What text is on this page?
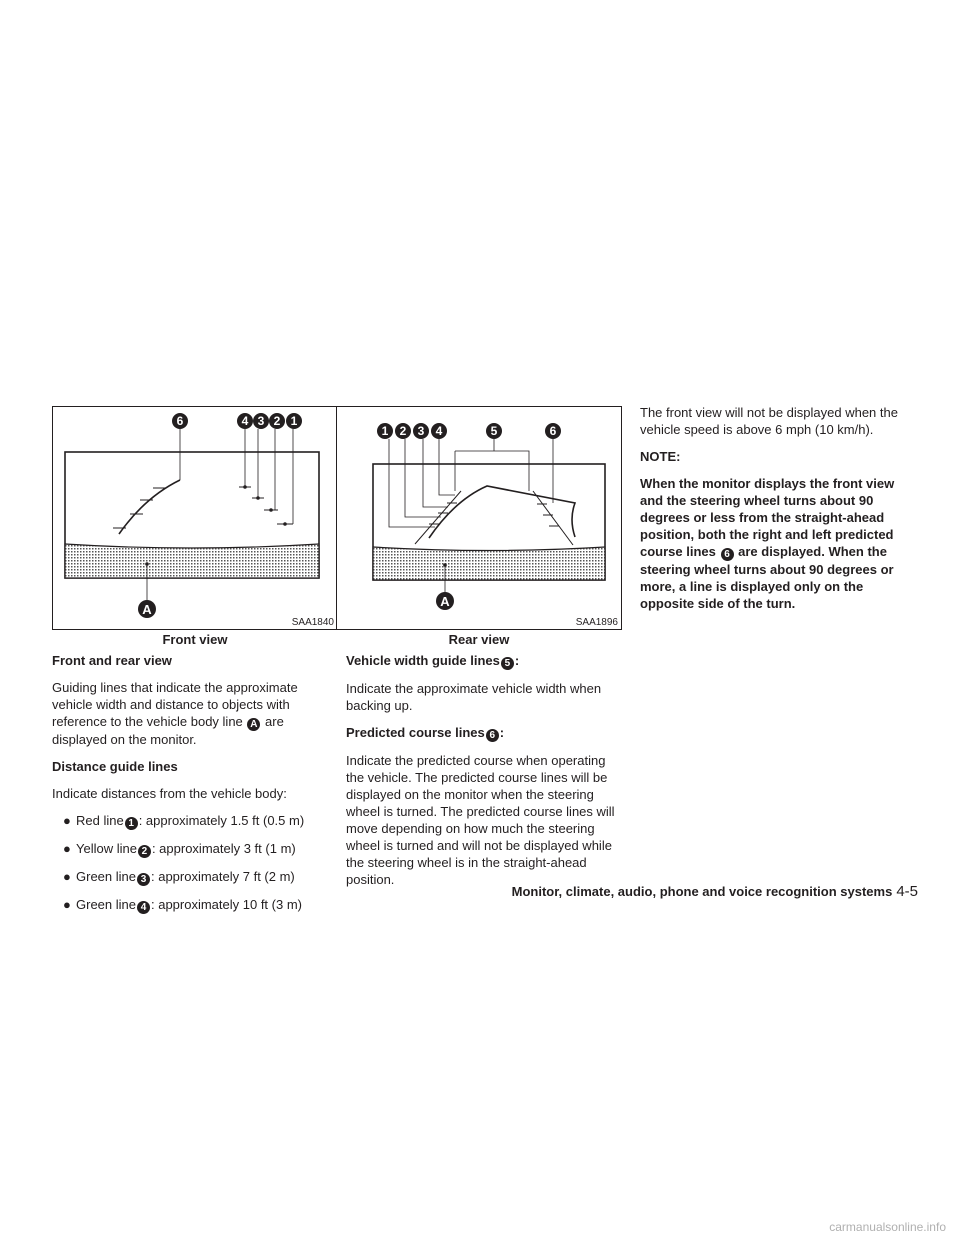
6	4 3 2 1
A
SAA1840
Front view
1 2 3 4	5	6
A
SAA1896
Rear view
Front and rear view

Guiding lines that indicate the approximate vehicle width and distance to objects with reference to the vehicle body line A are displayed on the monitor.

Distance guide lines

Indicate distances from the vehicle body:

● Red line 1 : approximately 1.5 ft (0.5 m)
● Yellow line 2 : approximately 3 ft (1 m)
● Green line 3 : approximately 7 ft (2 m)
● Green line 4 : approximately 10 ft (3 m)
Vehicle width guide lines 5 :

Indicate the approximate vehicle width when backing up.

Predicted course lines 6 :

Indicate the predicted course when operating the vehicle. The predicted course lines will be displayed on the monitor when the steering wheel is turned. The predicted course lines will move depending on how much the steering wheel is turned and will not be displayed while the steering wheel is in the straight-ahead position.

The front view will not be displayed when the vehicle speed is above 6 mph (10 km/h).

NOTE:

When the monitor displays the front view and the steering wheel turns about 90 degrees or less from the straight-ahead position, both the right and left predicted course lines 6 are displayed. When the steering wheel turns about 90 degrees or more, a line is displayed only on the opposite side of the turn.

Monitor, climate, audio, phone and voice recognition systems 4-5
carmanualsonline.info
